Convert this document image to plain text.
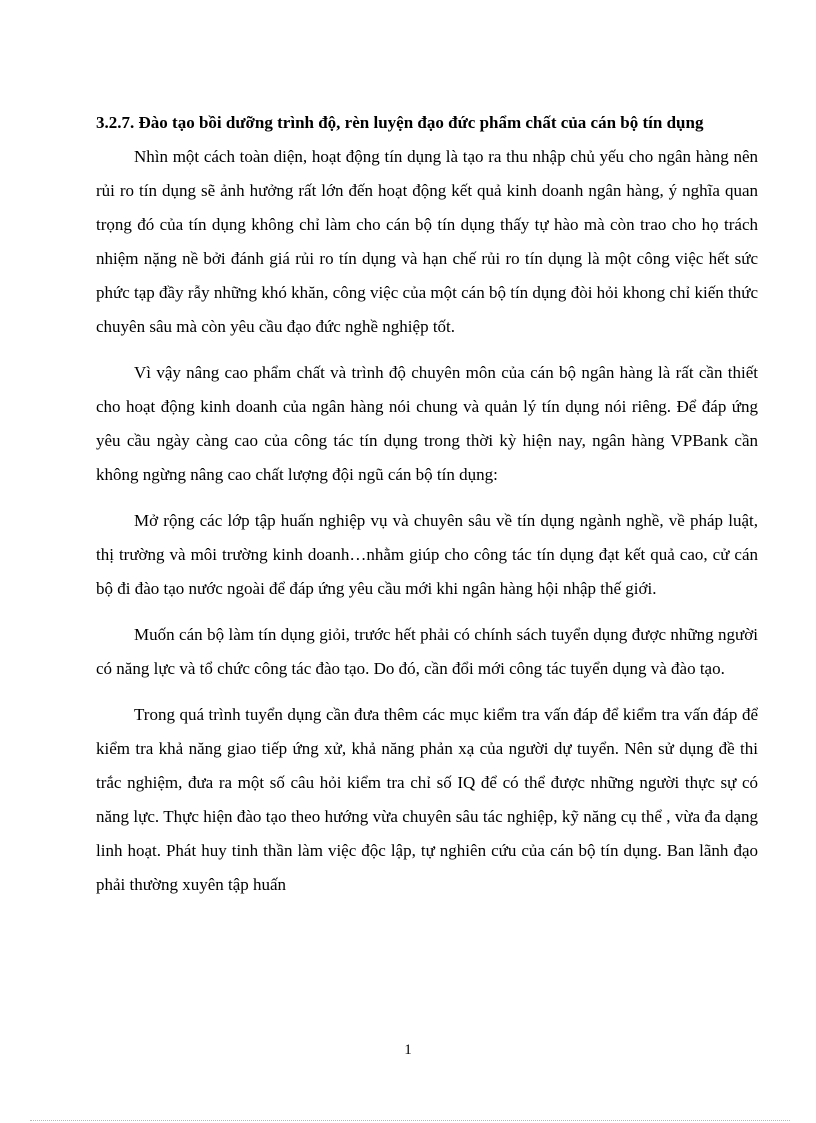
3.2.7. Đào tạo bồi dưỡng trình độ, rèn luyện đạo đức phẩm chất của cán bộ tín dụng

Nhìn một cách toàn diện, hoạt động tín dụng là tạo ra thu nhập chủ yếu cho ngân hàng nên rủi ro tín dụng sẽ ảnh hưởng rất lớn đến hoạt động kết quả kinh doanh ngân hàng, ý nghĩa quan trọng đó của tín dụng không chỉ làm cho cán bộ tín dụng thấy tự hào mà còn trao cho họ trách nhiệm nặng nề bởi đánh giá rủi ro tín dụng và hạn chế rủi ro tín dụng là một công việc hết sức phức tạp đầy rẫy những khó khăn, công việc của một cán bộ tín dụng đòi hỏi khong chỉ kiến thức chuyên sâu mà còn yêu cầu đạo đức nghề nghiệp tốt.

Vì vậy nâng cao phẩm chất và trình độ chuyên môn của cán bộ ngân hàng là rất cần thiết cho hoạt động kinh doanh của ngân hàng nói chung và quản lý tín dụng nói riêng. Để đáp ứng yêu cầu ngày càng cao của công tác tín dụng trong thời kỳ hiện nay, ngân hàng VPBank cần không ngừng nâng cao chất lượng đội ngũ cán bộ tín dụng:

Mở rộng các lớp tập huấn nghiệp vụ và chuyên sâu về tín dụng ngành nghề, về pháp luật, thị trường và môi trường kinh doanh…nhằm giúp cho công tác tín dụng đạt kết quả cao, cử cán bộ đi đào tạo nước ngoài để đáp ứng yêu cầu mới khi ngân hàng hội nhập thế giới.

Muốn cán bộ làm tín dụng giỏi, trước hết phải có chính sách tuyển dụng được những người có năng lực và tổ chức công tác đào tạo. Do đó, cần đổi mới công tác tuyển dụng và đào tạo.

Trong quá trình tuyển dụng cần đưa thêm các mục kiểm tra vấn đáp để kiểm tra vấn đáp để kiểm tra khả năng giao tiếp ứng xử, khả năng phản xạ của người dự tuyển. Nên sử dụng đề thi trắc nghiệm, đưa ra một số câu hỏi kiểm tra chỉ số IQ để có thể được những người thực sự có năng lực. Thực hiện đào tạo theo hướng vừa chuyên sâu tác nghiệp, kỹ năng cụ thể , vừa đa dạng linh hoạt. Phát huy tinh thần làm việc độc lập, tự nghiên cứu của cán bộ tín dụng. Ban lãnh đạo phải thường xuyên tập huấn

1
